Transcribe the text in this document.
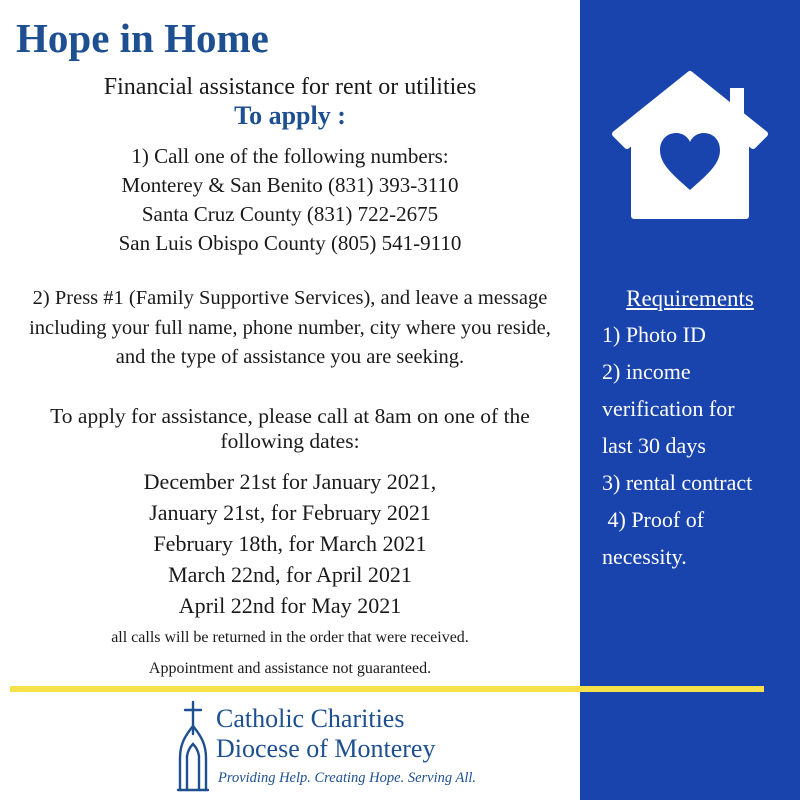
Hope in Home
Financial assistance for rent or utilities
To apply :
1) Call one of the following numbers:
Monterey & San Benito (831) 393-3110
Santa Cruz County (831) 722-2675
San Luis Obispo County (805) 541-9110
2) Press #1 (Family Supportive Services), and leave a message including your full name, phone number, city where you reside, and the type of assistance you are seeking.
To apply for assistance, please call at 8am on one of the following dates:
December 21st for January 2021,
January 21st, for February 2021
February 18th, for March 2021
March 22nd, for April 2021
April 22nd for May 2021
all calls will be returned in the order that were received.
Appointment and assistance not guaranteed.
Requirements
1) Photo ID
2) income
verification for
last 30 days
3) rental contract
4) Proof of
necessity.
Catholic Charities
Diocese of Monterey
Providing Help. Creating Hope. Serving All.
